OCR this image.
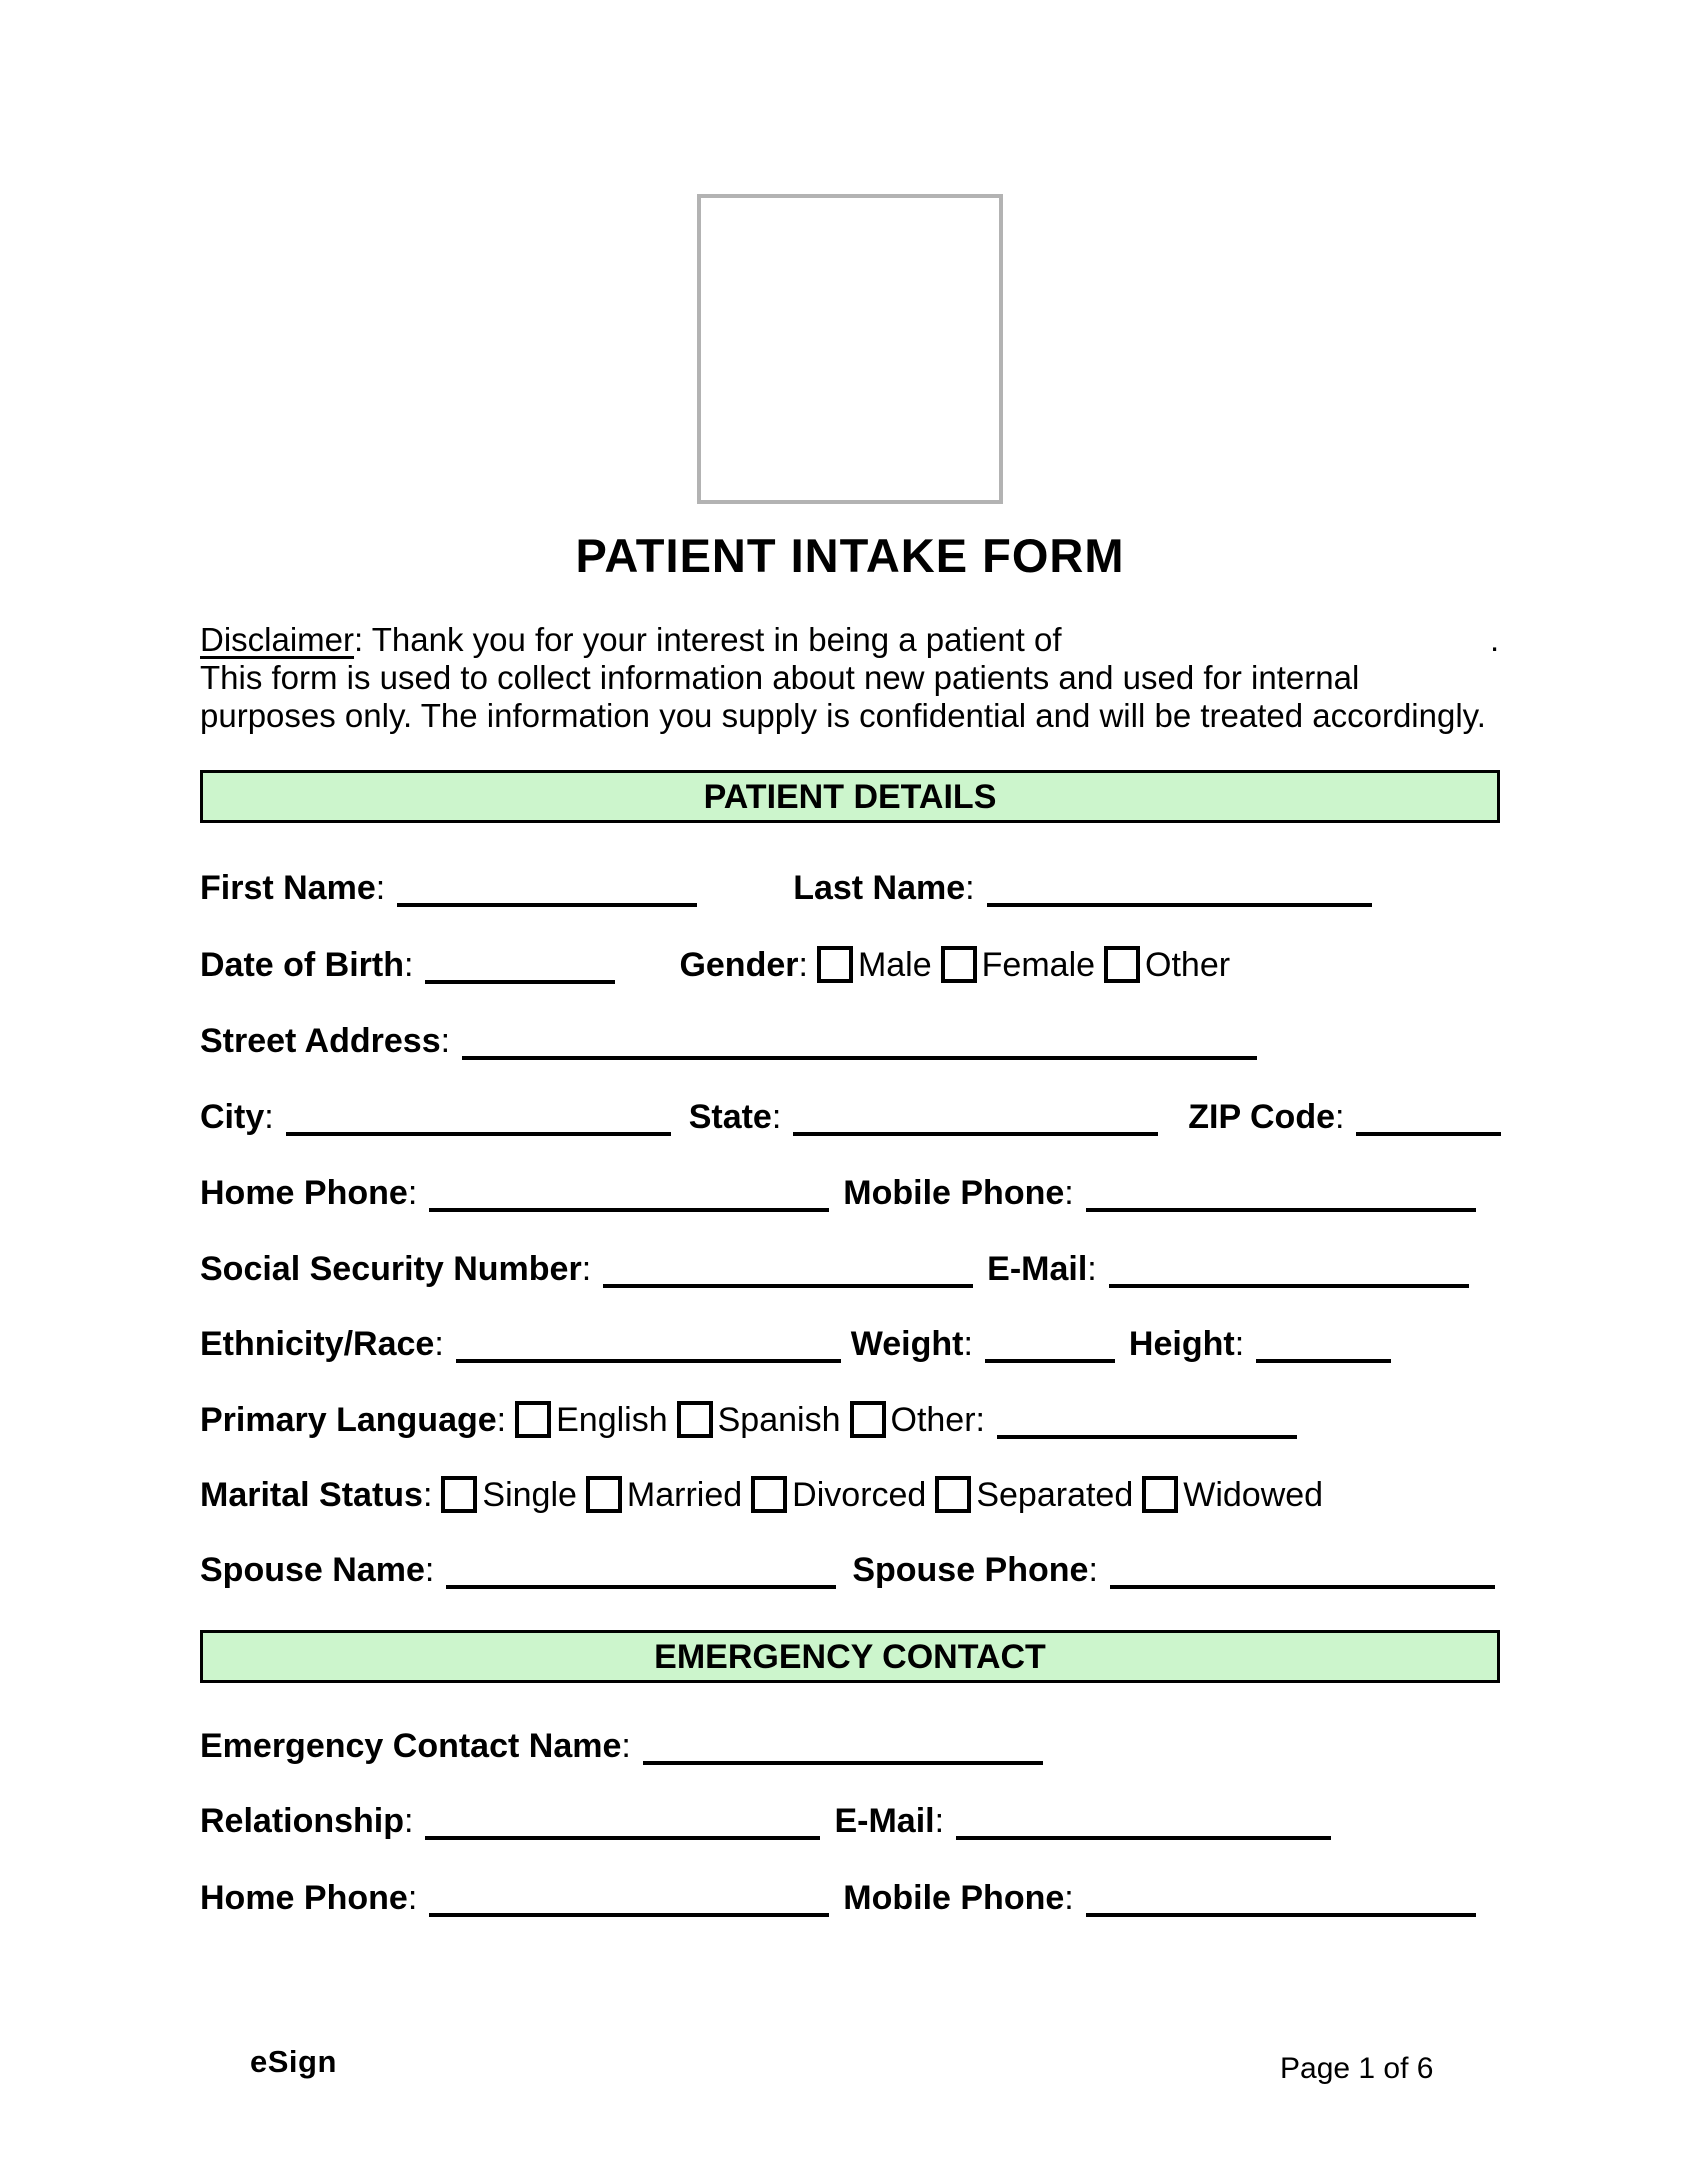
PATIENT INTAKE FORM
Disclaimer: Thank you for your interest in being a patient of	.
This form is used to collect information about new patients and used for internal
purposes only. The information you supply is confidential and will be treated accordingly.
PATIENT DETAILS
First Name:	Last Name:
Date of Birth:	Gender: Male Female Other
Street Address:
City:	State:	ZIP Code:
Home Phone:	Mobile Phone:
Social Security Number:	E-Mail:
Ethnicity/Race:	Weight:	Height:
Primary Language: English Spanish Other:
Marital Status: Single Married Divorced Separated Widowed
Spouse Name:	Spouse Phone:
EMERGENCY CONTACT
Emergency Contact Name:
Relationship:	E-Mail:
Home Phone:	Mobile Phone:
eSign	Page 1 of 6
